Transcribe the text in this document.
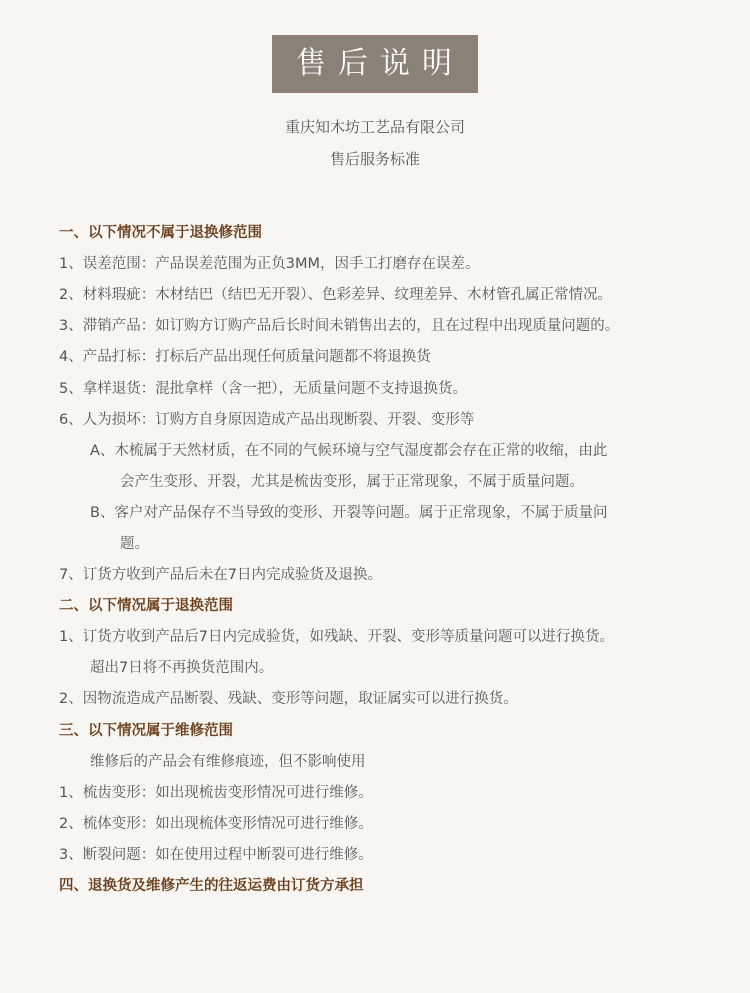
售后说明
重庆知木坊工艺品有限公司
售后服务标准
一、以下情况不属于退换修范围
1、误差范围：产品误差范围为正负3MM，因手工打磨存在误差。
2、材料瑕疵：木材结巴（结巴无开裂）、色彩差异、纹理差异、木材管孔属正常情况。
3、滞销产品：如订购方订购产品后长时间未销售出去的，且在过程中出现质量问题的。
4、产品打标：打标后产品出现任何质量问题都不将退换货
5、拿样退货：混批拿样（含一把），无质量问题不支持退换货。
6、人为损坏：订购方自身原因造成产品出现断裂、开裂、变形等
A、木梳属于天然材质，在不同的气候环境与空气湿度都会存在正常的收缩，由此
会产生变形、开裂，尤其是梳齿变形，属于正常现象，不属于质量问题。
B、客户对产品保存不当导致的变形、开裂等问题。属于正常现象，不属于质量问
题。
7、订货方收到产品后未在7日内完成验货及退换。
二、以下情况属于退换范围
1、订货方收到产品后7日内完成验货，如残缺、开裂、变形等质量问题可以进行换货。
超出7日将不再换货范围内。
2、因物流造成产品断裂、残缺、变形等问题，取证属实可以进行换货。
三、以下情况属于维修范围
维修后的产品会有维修痕迹，但不影响使用
1、梳齿变形：如出现梳齿变形情况可进行维修。
2、梳体变形：如出现梳体变形情况可进行维修。
3、断裂问题：如在使用过程中断裂可进行维修。
四、退换货及维修产生的往返运费由订货方承担
